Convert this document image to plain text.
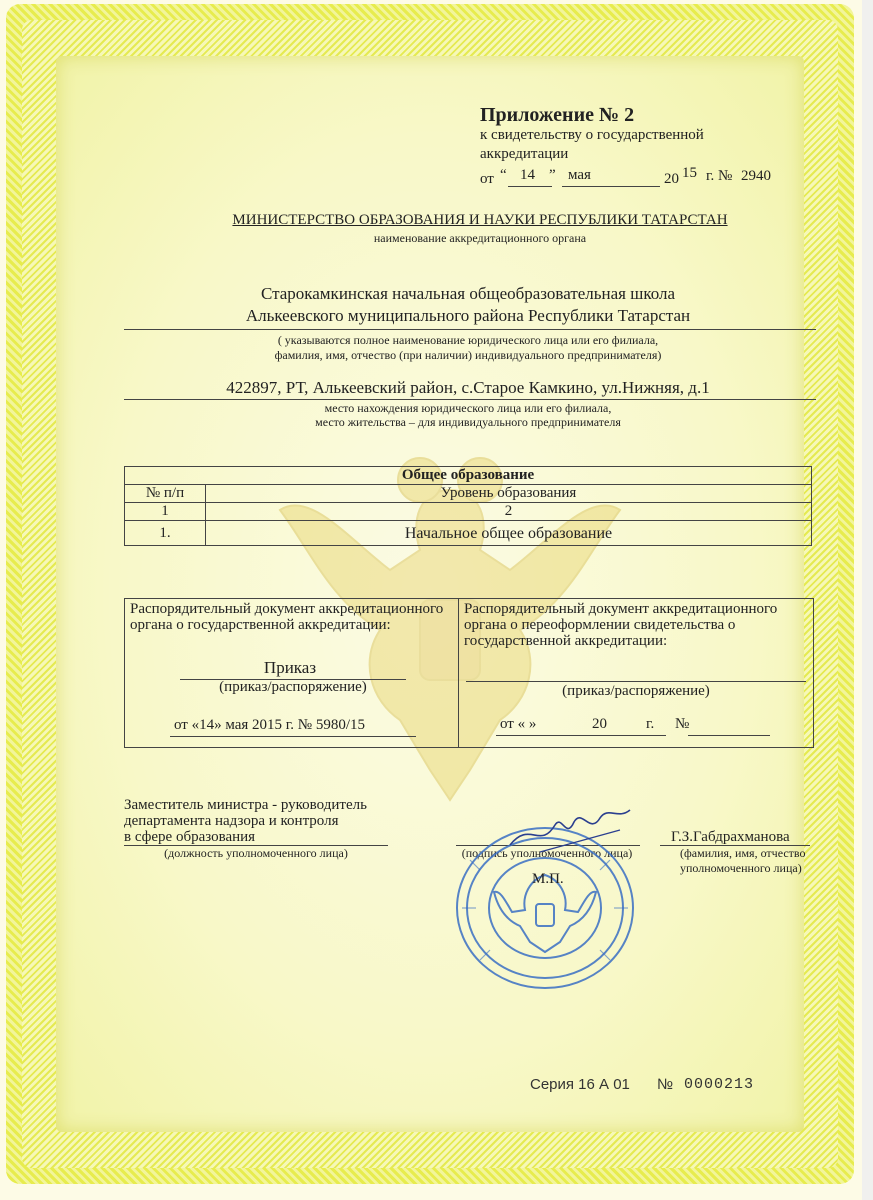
Приложение № 2
к свидетельству о государственной
аккредитации
от “ 14 ” мая	20 15 г. № 2940
МИНИСТЕРСТВО ОБРАЗОВАНИЯ И НАУКИ РЕСПУБЛИКИ ТАТАРСТАН
наименование аккредитационного органа
Старокамкинская начальная общеобразовательная школа
Алькеевского муниципального района Республики Татарстан
( указываются полное наименование юридического лица или его филиала,
фамилия, имя, отчество (при наличии) индивидуального предпринимателя)
422897, РТ, Алькеевский район, с.Старое Камкино, ул.Нижняя, д.1
место нахождения юридического лица или его филиала,
место жительства – для индивидуального предпринимателя
Общее образование	
№ п/п	Уровень образования
1	2
1.	Начальное общее образование
Распорядительный документ аккредитационного
органа о государственной аккредитации:
Приказ
(приказ/распоряжение)
от «14» мая 2015 г. № 5980/15
Распорядительный документ аккредитационного
органа о переоформлении свидетельства о
государственной аккредитации:
(приказ/распоряжение)
от « »	20	г. №
Заместитель министра - руководитель
департамента надзора и контроля
в сфере образования
(должность уполномоченного лица)	(подпись уполномоченного лица)
Г.З.Габдрахманова
(фамилия, имя, отчество
уполномоченного лица)
М.П.
Серия 16 А 01 № 0000213
